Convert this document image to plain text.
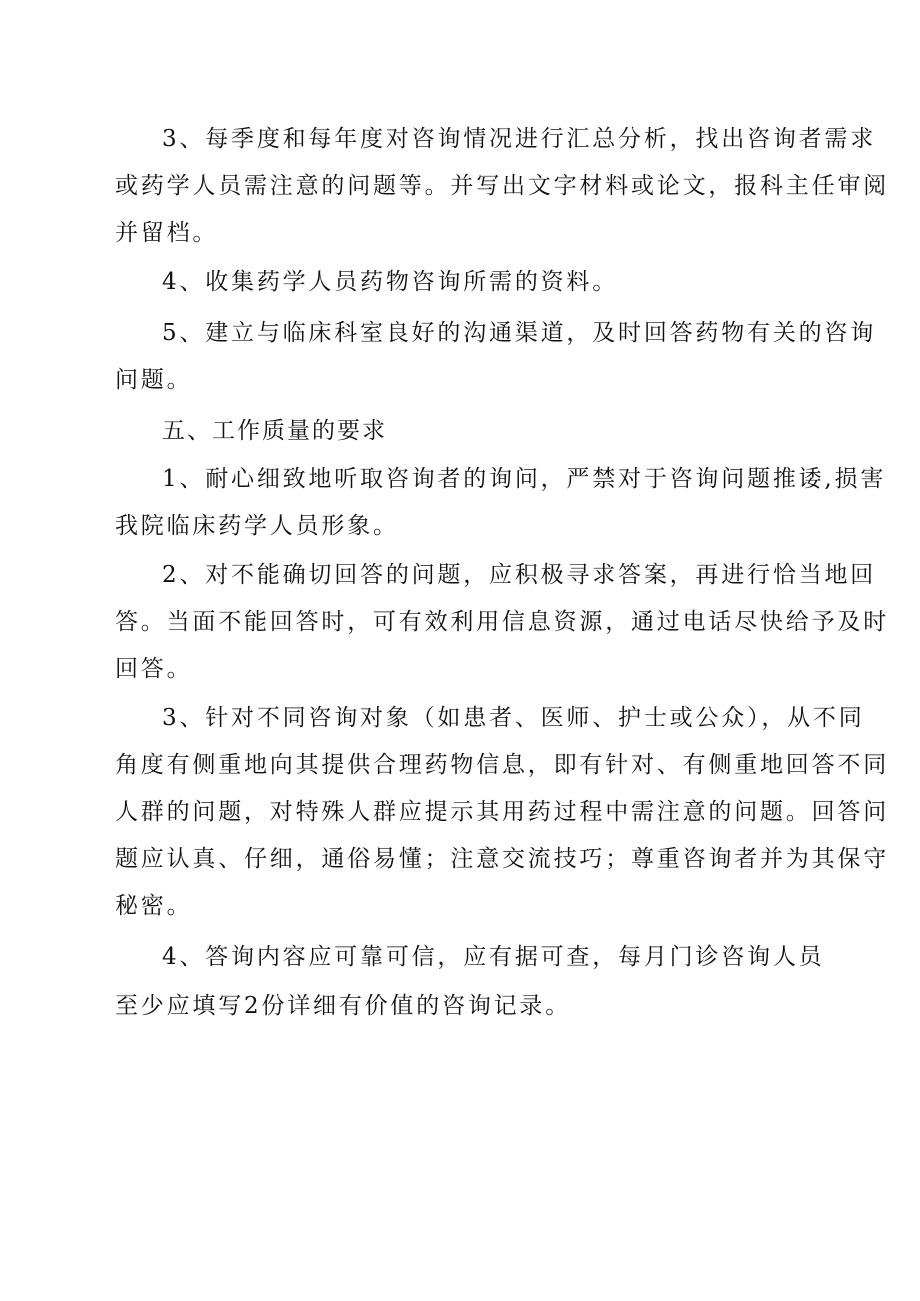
3、每季度和每年度对咨询情况进行汇总分析，找出咨询者需求

或药学人员需注意的问题等。并写出文字材料或论文，报科主任审阅

并留档。

4、收集药学人员药物咨询所需的资料。

5、建立与临床科室良好的沟通渠道，及时回答药物有关的咨询

问题。

五、工作质量的要求

1、耐心细致地听取咨询者的询问，严禁对于咨询问题推诿,损害

我院临床药学人员形象。

2、对不能确切回答的问题，应积极寻求答案，再进行恰当地回

答。当面不能回答时，可有效利用信息资源，通过电话尽快给予及时

回答。

3、针对不同咨询对象（如患者、医师、护士或公众），从不同

角度有侧重地向其提供合理药物信息，即有针对、有侧重地回答不同

人群的问题，对特殊人群应提示其用药过程中需注意的问题。回答问

题应认真、仔细，通俗易懂；注意交流技巧；尊重咨询者并为其保守

秘密。

4、答询内容应可靠可信，应有据可查，每月门诊咨询人员

至少应填写2份详细有价值的咨询记录。
